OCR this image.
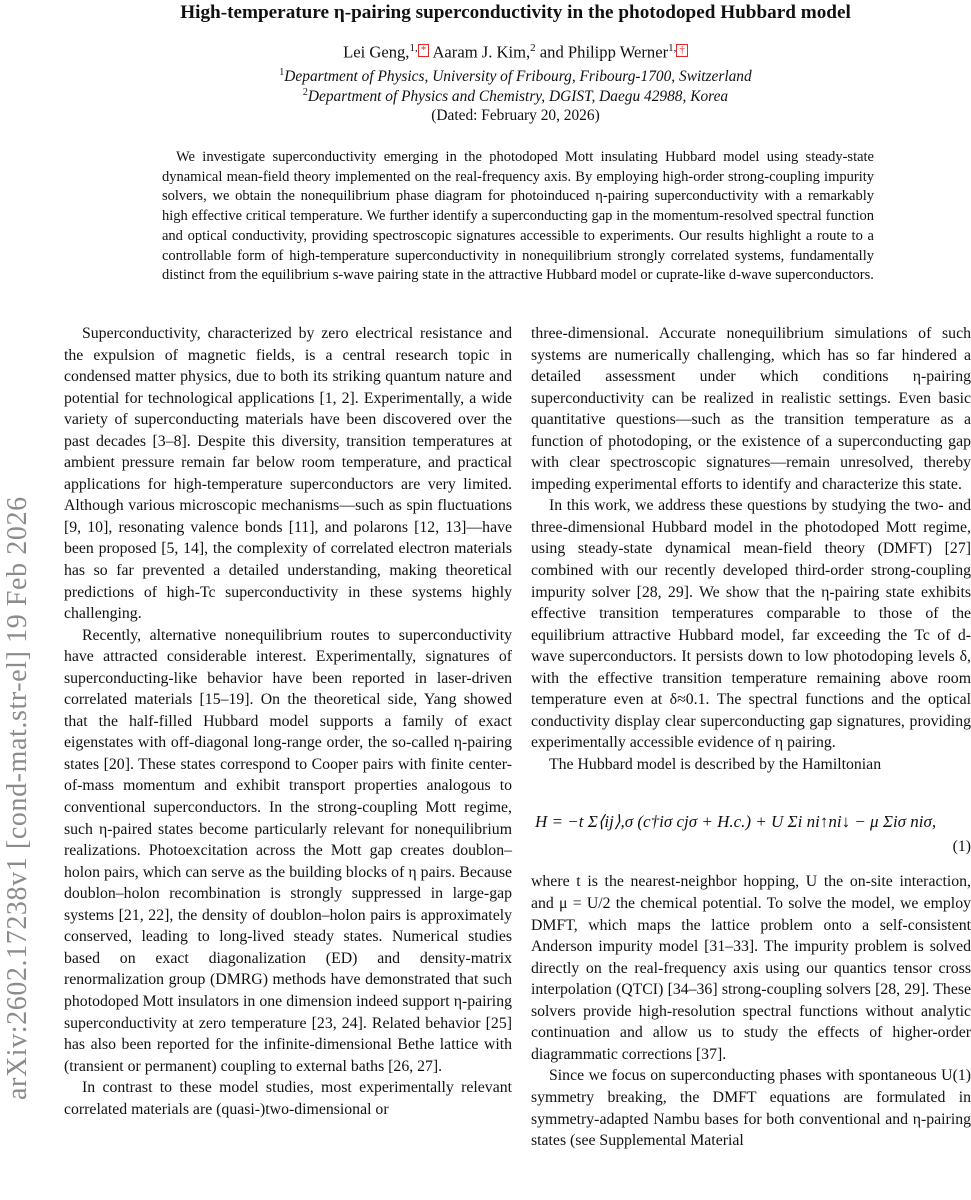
arXiv:2602.17238v1 [cond-mat.str-el] 19 Feb 2026
High-temperature η-pairing superconductivity in the photodoped Hubbard model
Lei Geng,$^{1,}$ * Aaram J. Kim,$^2$ and Philipp Werner$^{1,}$ †
$^1$Department of Physics, University of Fribourg, Fribourg-1700, Switzerland
$^2$Department of Physics and Chemistry, DGIST, Daegu 42988, Korea
(Dated: February 20, 2026)
We investigate superconductivity emerging in the photodoped Mott insulating Hubbard model using steady-state dynamical mean-field theory implemented on the real-frequency axis. By employing high-order strong-coupling impurity solvers, we obtain the nonequilibrium phase diagram for photoinduced η-pairing superconductivity with a remarkably high effective critical temperature. We further identify a superconducting gap in the momentum-resolved spectral function and optical conductivity, providing spectroscopic signatures accessible to experiments. Our results highlight a route to a controllable form of high-temperature superconductivity in nonequilibrium strongly correlated systems, fundamentally distinct from the equilibrium s-wave pairing state in the attractive Hubbard model or cuprate-like d-wave superconductors.

Superconductivity, characterized by zero electrical resistance and the expulsion of magnetic fields, is a central research topic in condensed matter physics, due to both its striking quantum nature and potential for technological applications [1, 2]. Experimentally, a wide variety of superconducting materials have been discovered over the past decades [3–8]. Despite this diversity, transition temperatures at ambient pressure remain far below room temperature, and practical applications for high-temperature superconductors are very limited. Although various microscopic mechanisms—such as spin fluctuations [9, 10], resonating valence bonds [11], and polarons [12, 13]—have been proposed [5, 14], the complexity of correlated electron materials has so far prevented a detailed understanding, making theoretical predictions of high-Tc superconductivity in these systems highly challenging.

Recently, alternative nonequilibrium routes to superconductivity have attracted considerable interest. Experimentally, signatures of superconducting-like behavior have been reported in laser-driven correlated materials [15–19]. On the theoretical side, Yang showed that the half-filled Hubbard model supports a family of exact eigenstates with off-diagonal long-range order, the so-called η-pairing states [20]. These states correspond to Cooper pairs with finite center-of-mass momentum and exhibit transport properties analogous to conventional superconductors. In the strong-coupling Mott regime, such η-paired states become particularly relevant for nonequilibrium realizations. Photoexcitation across the Mott gap creates doublon–holon pairs, which can serve as the building blocks of η pairs. Because doublon–holon recombination is strongly suppressed in large-gap systems [21, 22], the density of doublon–holon pairs is approximately conserved, leading to long-lived steady states. Numerical studies based on exact diagonalization (ED) and density-matrix renormalization group (DMRG) methods have demonstrated that such photodoped Mott insulators in one dimension indeed support η-pairing superconductivity at zero temperature [23, 24]. Related behavior [25] has also been reported for the infinite-dimensional Bethe lattice with (transient or permanent) coupling to external baths [26, 27].

In contrast to these model studies, most experimentally relevant correlated materials are (quasi-)two-dimensional or

three-dimensional. Accurate nonequilibrium simulations of such systems are numerically challenging, which has so far hindered a detailed assessment under which conditions η-pairing superconductivity can be realized in realistic settings. Even basic quantitative questions—such as the transition temperature as a function of photodoping, or the existence of a superconducting gap with clear spectroscopic signatures—remain unresolved, thereby impeding experimental efforts to identify and characterize this state.

In this work, we address these questions by studying the two- and three-dimensional Hubbard model in the photodoped Mott regime, using steady-state dynamical mean-field theory (DMFT) [27] combined with our recently developed third-order strong-coupling impurity solver [28, 29]. We show that the η-pairing state exhibits effective transition temperatures comparable to those of the equilibrium attractive Hubbard model, far exceeding the Tc of d-wave superconductors. It persists down to low photodoping levels δ, with the effective transition temperature remaining above room temperature even at δ≈0.1. The spectral functions and the optical conductivity display clear superconducting gap signatures, providing experimentally accessible evidence of η pairing.

The Hubbard model is described by the Hamiltonian

H = −t Σ⟨ij⟩,σ (c†iσ cjσ + H.c.) + U Σi ni↑ni↓ − μ Σiσ niσ,
(1)

where t is the nearest-neighbor hopping, U the on-site interaction, and μ = U/2 the chemical potential. To solve the model, we employ DMFT, which maps the lattice problem onto a self-consistent Anderson impurity model [31–33]. The impurity problem is solved directly on the real-frequency axis using our quantics tensor cross interpolation (QTCI) [34–36] strong-coupling solvers [28, 29]. These solvers provide high-resolution spectral functions without analytic continuation and allow us to study the effects of higher-order diagrammatic corrections [37].

Since we focus on superconducting phases with spontaneous U(1) symmetry breaking, the DMFT equations are formulated in symmetry-adapted Nambu bases for both conventional and η-pairing states (see Supplemental Material
